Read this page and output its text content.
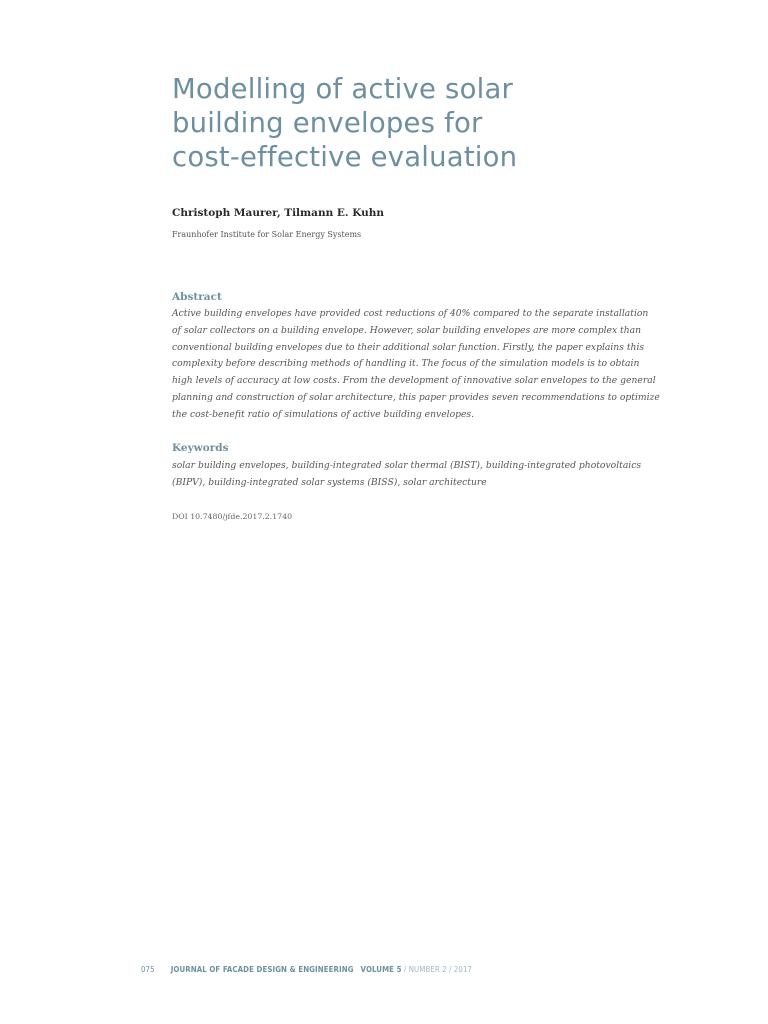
Modelling of active solar
building envelopes for
cost-effective evaluation

Christoph Maurer, Tilmann E. Kuhn

Fraunhofer Institute for Solar Energy Systems

Abstract
Active building envelopes have provided cost reductions of 40% compared to the separate installation
of solar collectors on a building envelope. However, solar building envelopes are more complex than
conventional building envelopes due to their additional solar function. Firstly, the paper explains this
complexity before describing methods of handling it. The focus of the simulation models is to obtain
high levels of accuracy at low costs. From the development of innovative solar envelopes to the general
planning and construction of solar architecture, this paper provides seven recommendations to optimize
the cost-benefit ratio of simulations of active building envelopes.
Keywords
solar building envelopes, building-integrated solar thermal (BIST), building-integrated photovoltaics
(BIPV), building-integrated solar systems (BISS), solar architecture

DOI 10.7480/jfde.2017.2.1740

075 JOURNAL OF FACADE DESIGN & ENGINEERING VOLUME 5 / NUMBER 2 / 2017
